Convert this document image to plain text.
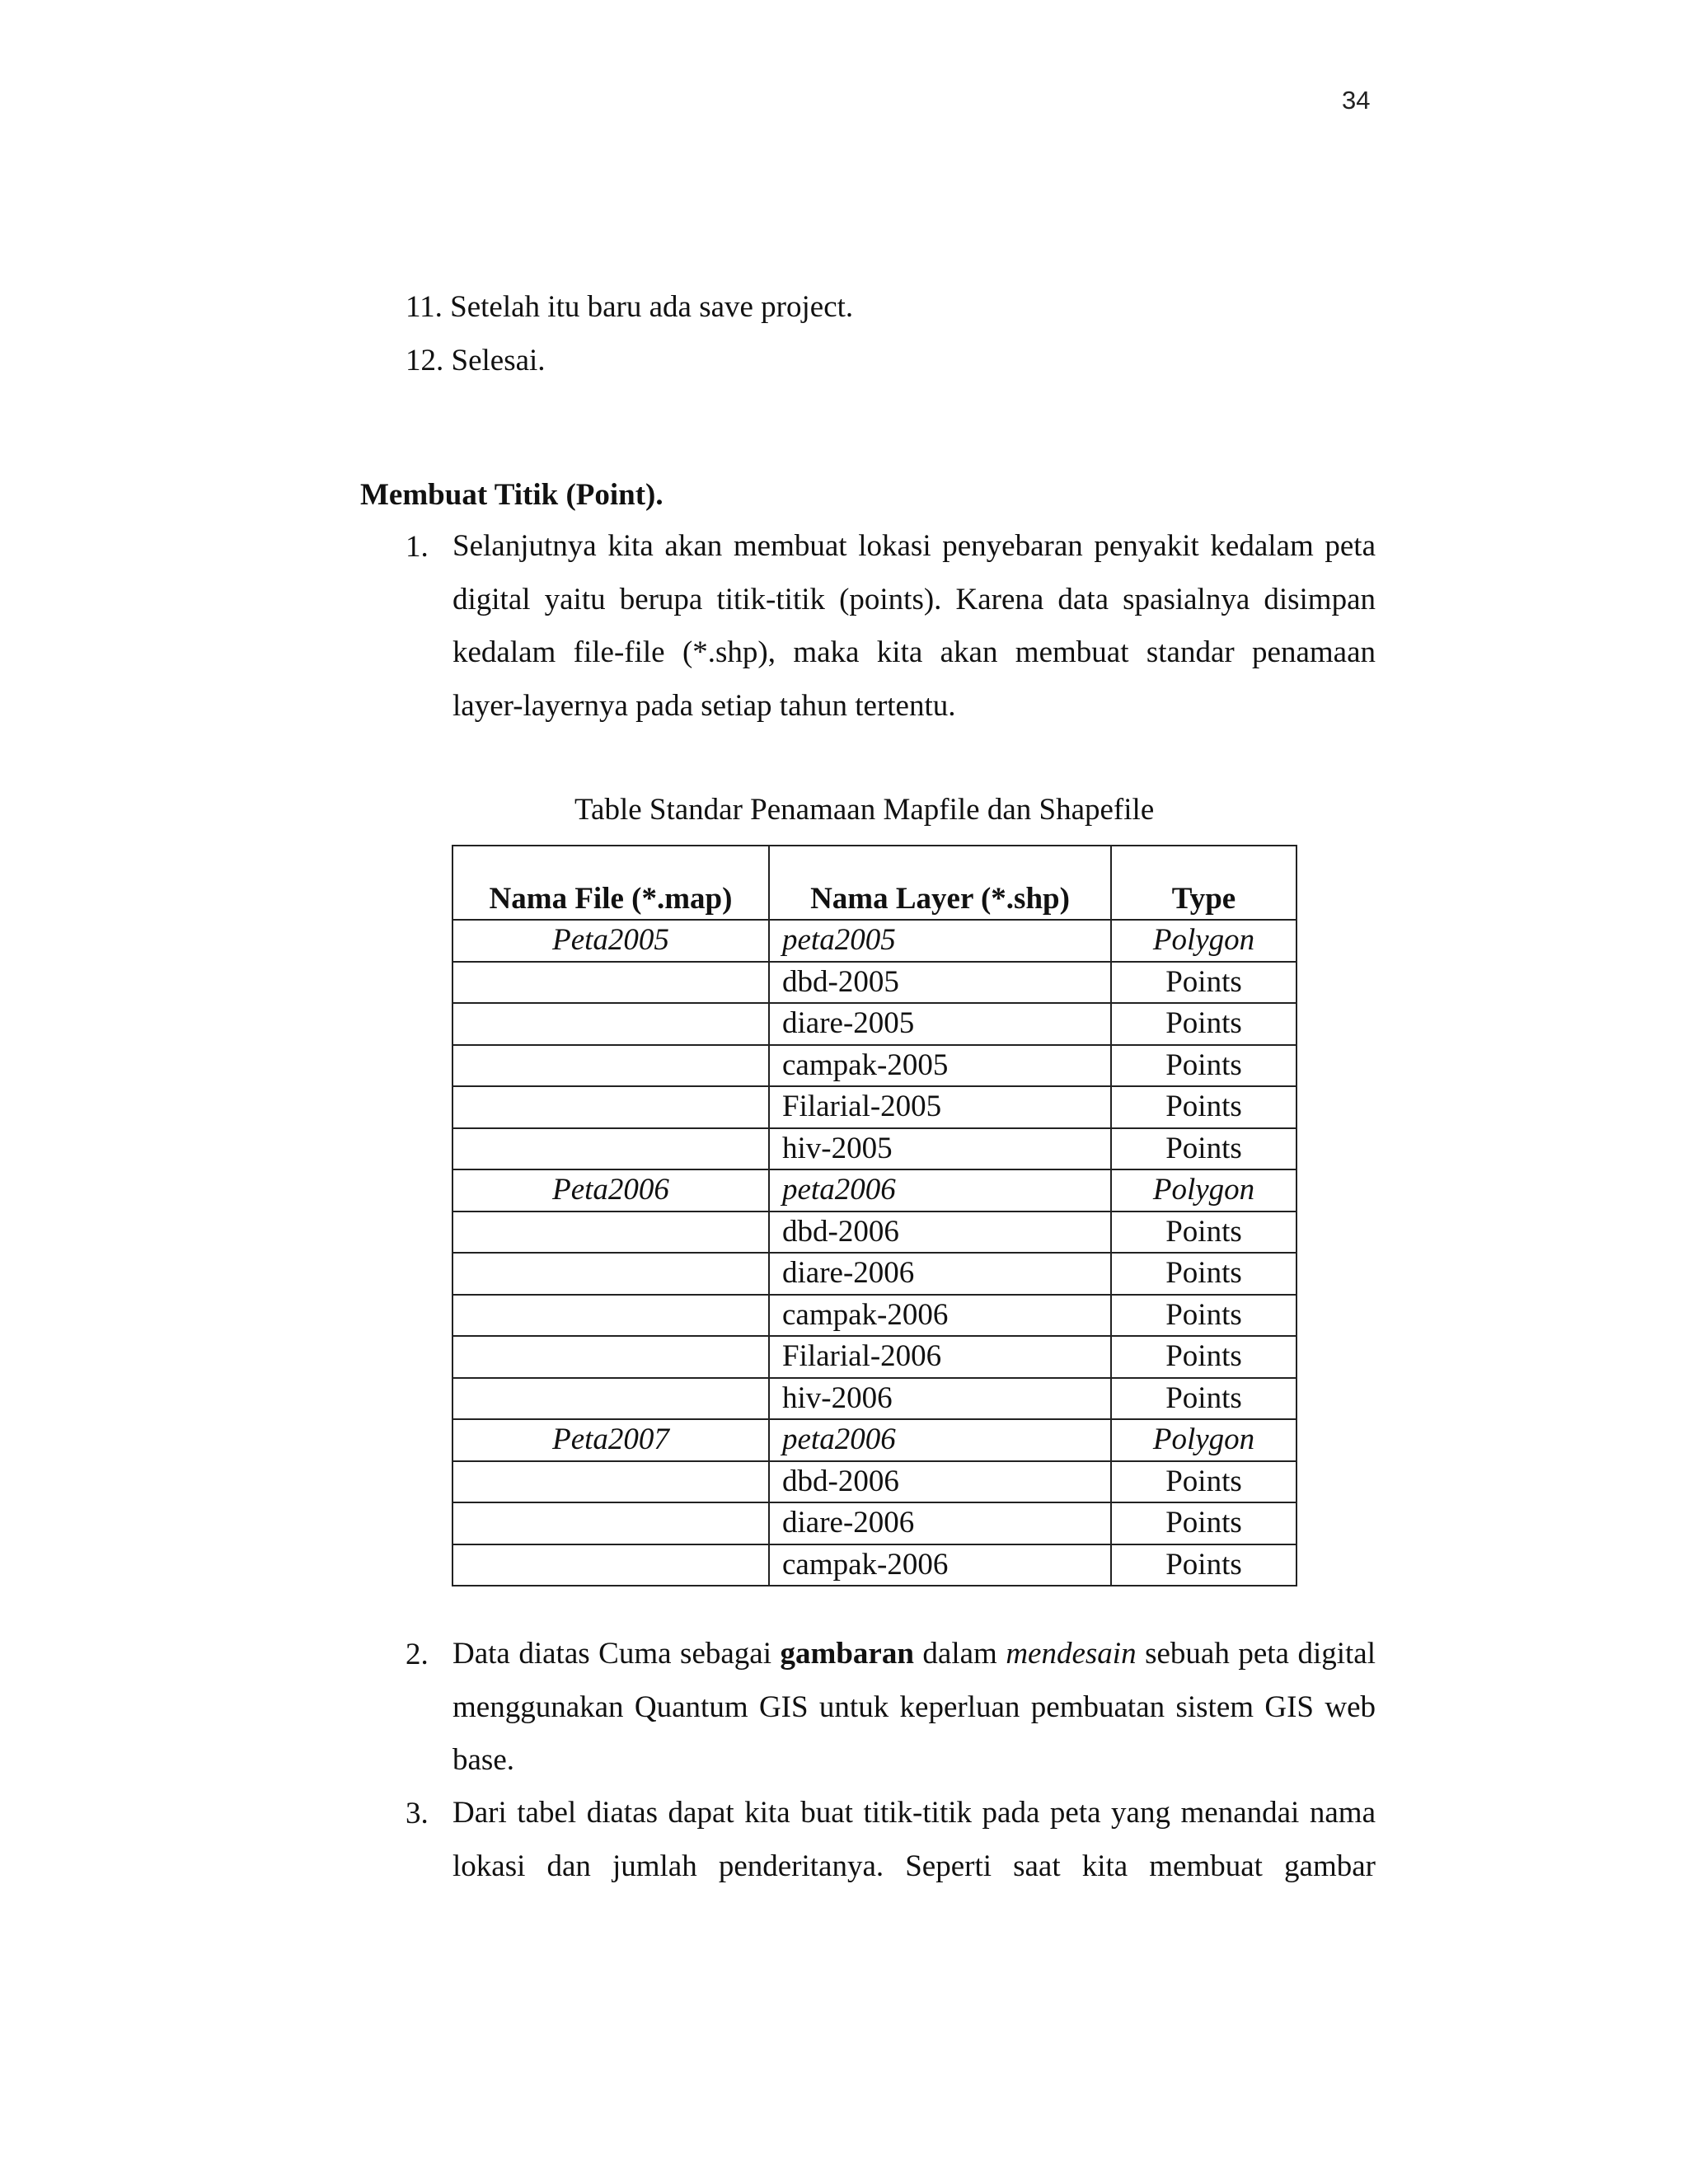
34
11. Setelah itu baru ada save project.
12. Selesai.
Membuat Titik (Point).
1. Selanjutnya kita akan membuat lokasi penyebaran penyakit kedalam peta
digital yaitu berupa titik-titik (points). Karena data spasialnya disimpan
kedalam file-file (*.shp), maka kita akan membuat standar penamaan
layer-layernya pada setiap tahun tertentu.
Table Standar Penamaan Mapfile dan Shapefile
Nama File (*.map)	Nama Layer (*.shp)	Type
Peta2005	peta2005	Polygon
	dbd-2005	Points
	diare-2005	Points
	campak-2005	Points
	Filarial-2005	Points
	hiv-2005	Points
Peta2006	peta2006	Polygon
	dbd-2006	Points
	diare-2006	Points
	campak-2006	Points
	Filarial-2006	Points
	hiv-2006	Points
Peta2007	peta2006	Polygon
	dbd-2006	Points
	diare-2006	Points
	campak-2006	Points
2. Data diatas Cuma sebagai gambaran dalam mendesain sebuah peta digital
menggunakan Quantum GIS untuk keperluan pembuatan sistem GIS web
base.
3. Dari tabel diatas dapat kita buat titik-titik pada peta yang menandai nama
lokasi dan jumlah penderitanya. Seperti saat kita membuat gambar
